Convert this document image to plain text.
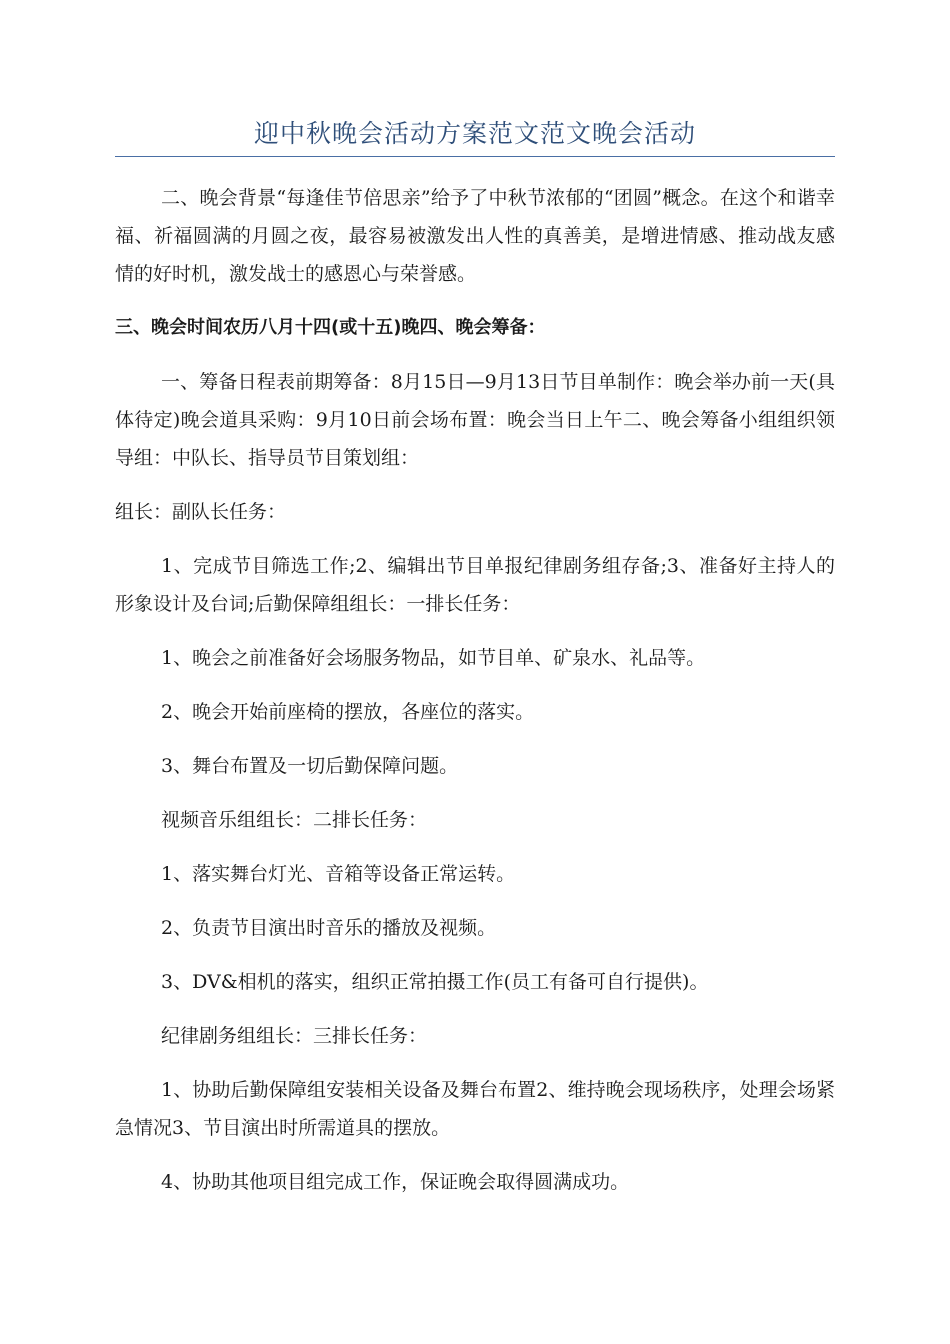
迎中秋晚会活动方案范文范文晚会活动

二、晚会背景“每逢佳节倍思亲”给予了中秋节浓郁的“团圆”概念。在这个和谐幸福、祈福圆满的月圆之夜，最容易被激发出人性的真善美，是增进情感、推动战友感情的好时机，激发战士的感恩心与荣誉感。

三、晚会时间农历八月十四(或十五)晚四、晚会筹备：

一、筹备日程表前期筹备：8月15日—9月13日节目单制作：晚会举办前一天(具体待定)晚会道具采购：9月10日前会场布置：晚会当日上午二、晚会筹备小组组织领导组：中队长、指导员节目策划组：

组长：副队长任务：

1、完成节目筛选工作;2、编辑出节目单报纪律剧务组存备;3、准备好主持人的形象设计及台词;后勤保障组组长：一排长任务：

1、晚会之前准备好会场服务物品，如节目单、矿泉水、礼品等。

2、晚会开始前座椅的摆放，各座位的落实。

3、舞台布置及一切后勤保障问题。

视频音乐组组长：二排长任务：

1、落实舞台灯光、音箱等设备正常运转。

2、负责节目演出时音乐的播放及视频。

3、DV&相机的落实，组织正常拍摄工作(员工有备可自行提供)。

纪律剧务组组长：三排长任务：

1、协助后勤保障组安装相关设备及舞台布置2、维持晚会现场秩序，处理会场紧急情况3、节目演出时所需道具的摆放。

4、协助其他项目组完成工作，保证晚会取得圆满成功。
